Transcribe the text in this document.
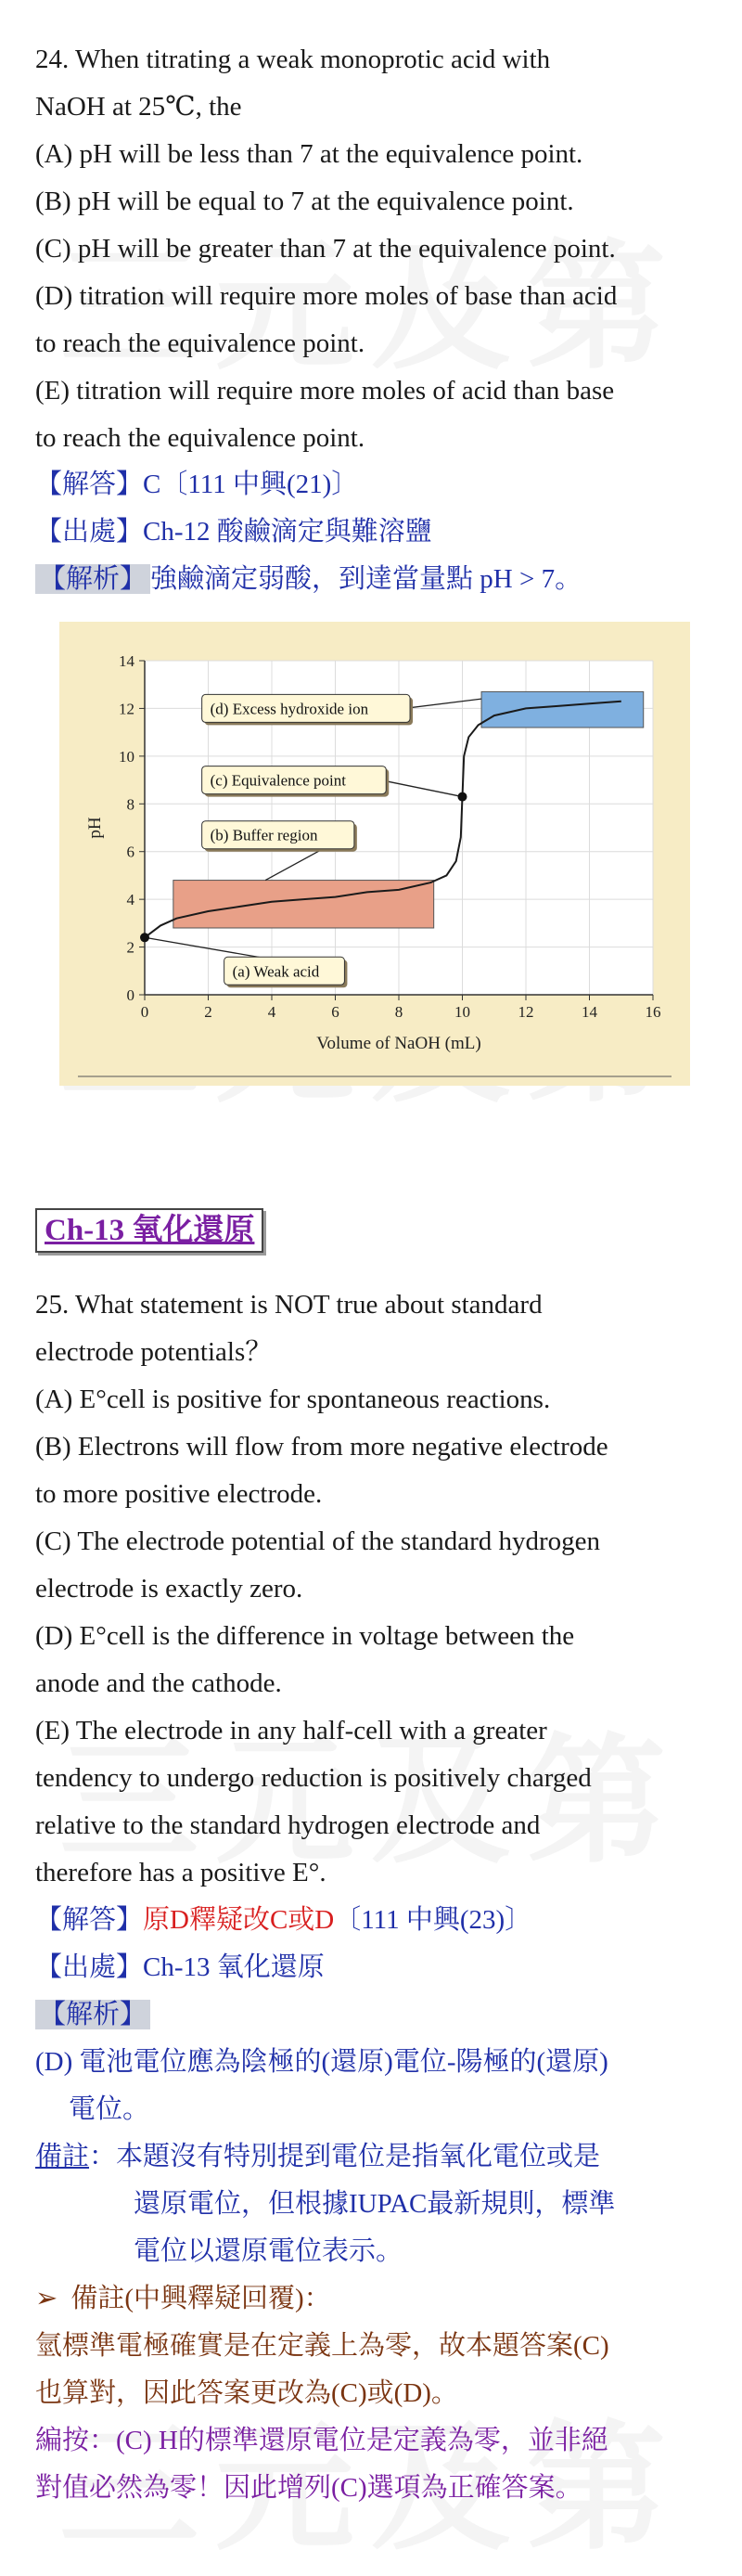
24. When titrating a weak monoprotic acid with
NaOH at 25℃, the
(A) pH will be less than 7 at the equivalence point.
(B) pH will be equal to 7 at the equivalence point.
(C) pH will be greater than 7 at the equivalence point.
(D) titration will require more moles of base than acid
to reach the equivalence point.
(E) titration will require more moles of acid than base
to reach the equivalence point.
【解答】C〔111 中興(21)〕
【出處】Ch-12 酸鹼滴定與難溶鹽
【解析】 強鹼滴定弱酸，到達當量點 pH > 7。
0	2	4	6	8	10	12	14	16
0
2
4
6
8
10
12
14
Volume of NaOH (mL)
pH
(d) Excess hydroxide ion
(c) Equivalence point
(b) Buffer region
(a) Weak acid
Ch-13 氧化還原
25. What statement is NOT true about standard
electrode potentials？
(A) E°cell is positive for spontaneous reactions.
(B) Electrons will flow from more negative electrode
to more positive electrode.
(C) The electrode potential of the standard hydrogen
electrode is exactly zero.
(D) E°cell is the difference in voltage between the
anode and the cathode.
(E) The electrode in any half-cell with a greater
tendency to undergo reduction is positively charged
relative to the standard hydrogen electrode and
therefore has a positive E°.
【解答】原D釋疑改C或D〔111 中興(23)〕
【出處】Ch-13 氧化還原
【解析】
(D) 電池電位應為陰極的(還原)電位-陽極的(還原)
電位。
備註：本題沒有特別提到電位是指氧化電位或是
還原電位，但根據IUPAC最新規則，標準
電位以還原電位表示。
➢ 備註(中興釋疑回覆)：
氫標準電極確實是在定義上為零，故本題答案(C)
也算對，因此答案更改為(C)或(D)。
編按：(C) H的標準還原電位是定義為零，並非絕
對值必然為零！因此增列(C)選項為正確答案。
